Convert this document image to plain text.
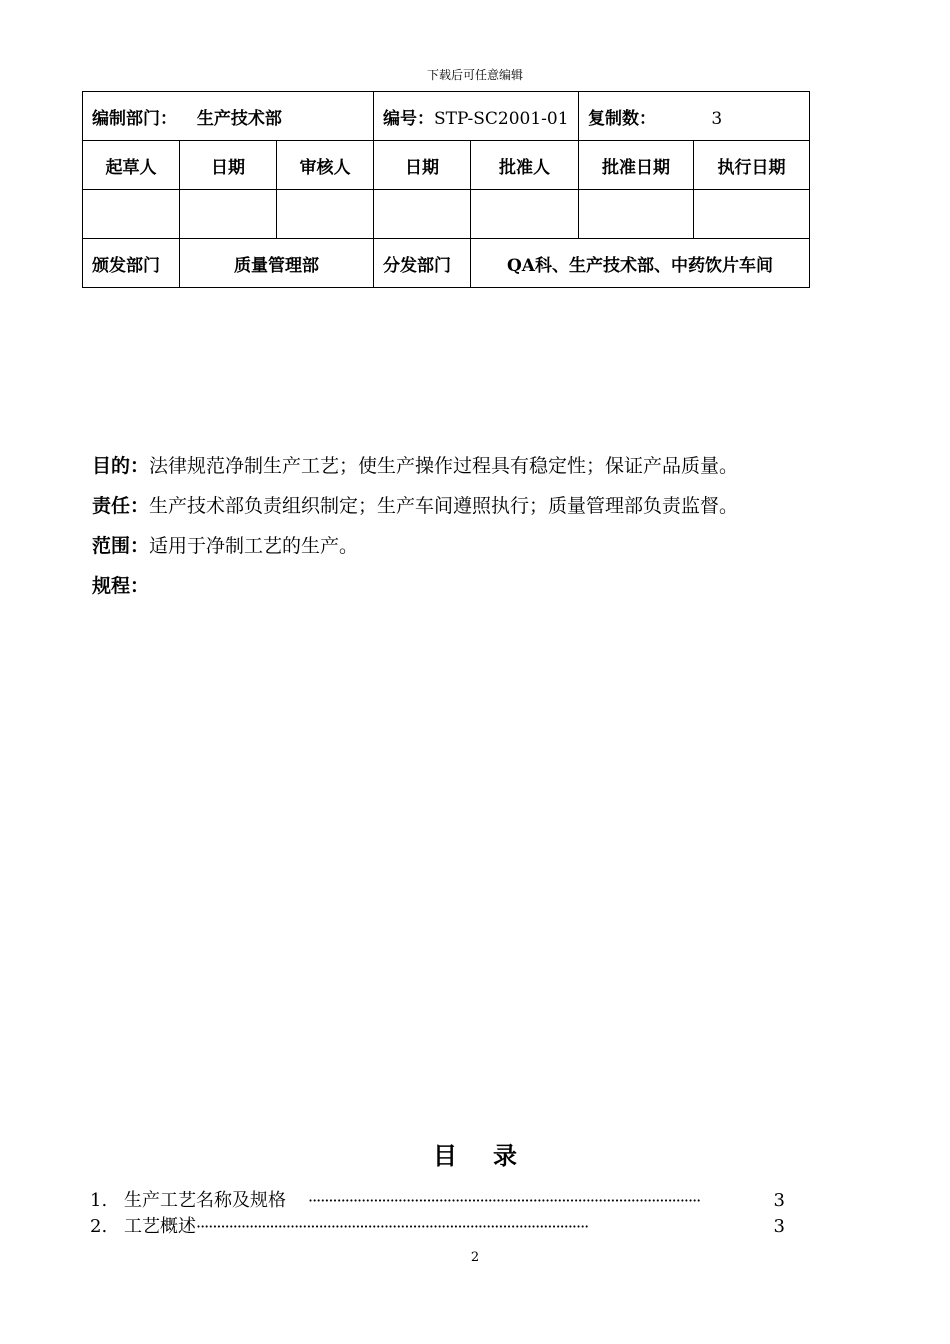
下载后可任意编辑
编制部门： 生产技术部			编号：STP-SC2001-01		复制数： 3	
起草人	日期	审核人	日期	批准人	批准日期	执行日期

颁发部门	质量管理部		分发部门	QA科、生产技术部、中药饮片车间		
目的：法律规范净制生产工艺；使生产操作过程具有稳定性；保证产品质量。
责任：生产技术部负责组织制定；生产车间遵照执行；质量管理部负责监督。
范围：适用于净制工艺的生产。
规程：
目录
1. 生产工艺名称及规格 ································································································	3
2. 工艺概述 ································································································	3
2
